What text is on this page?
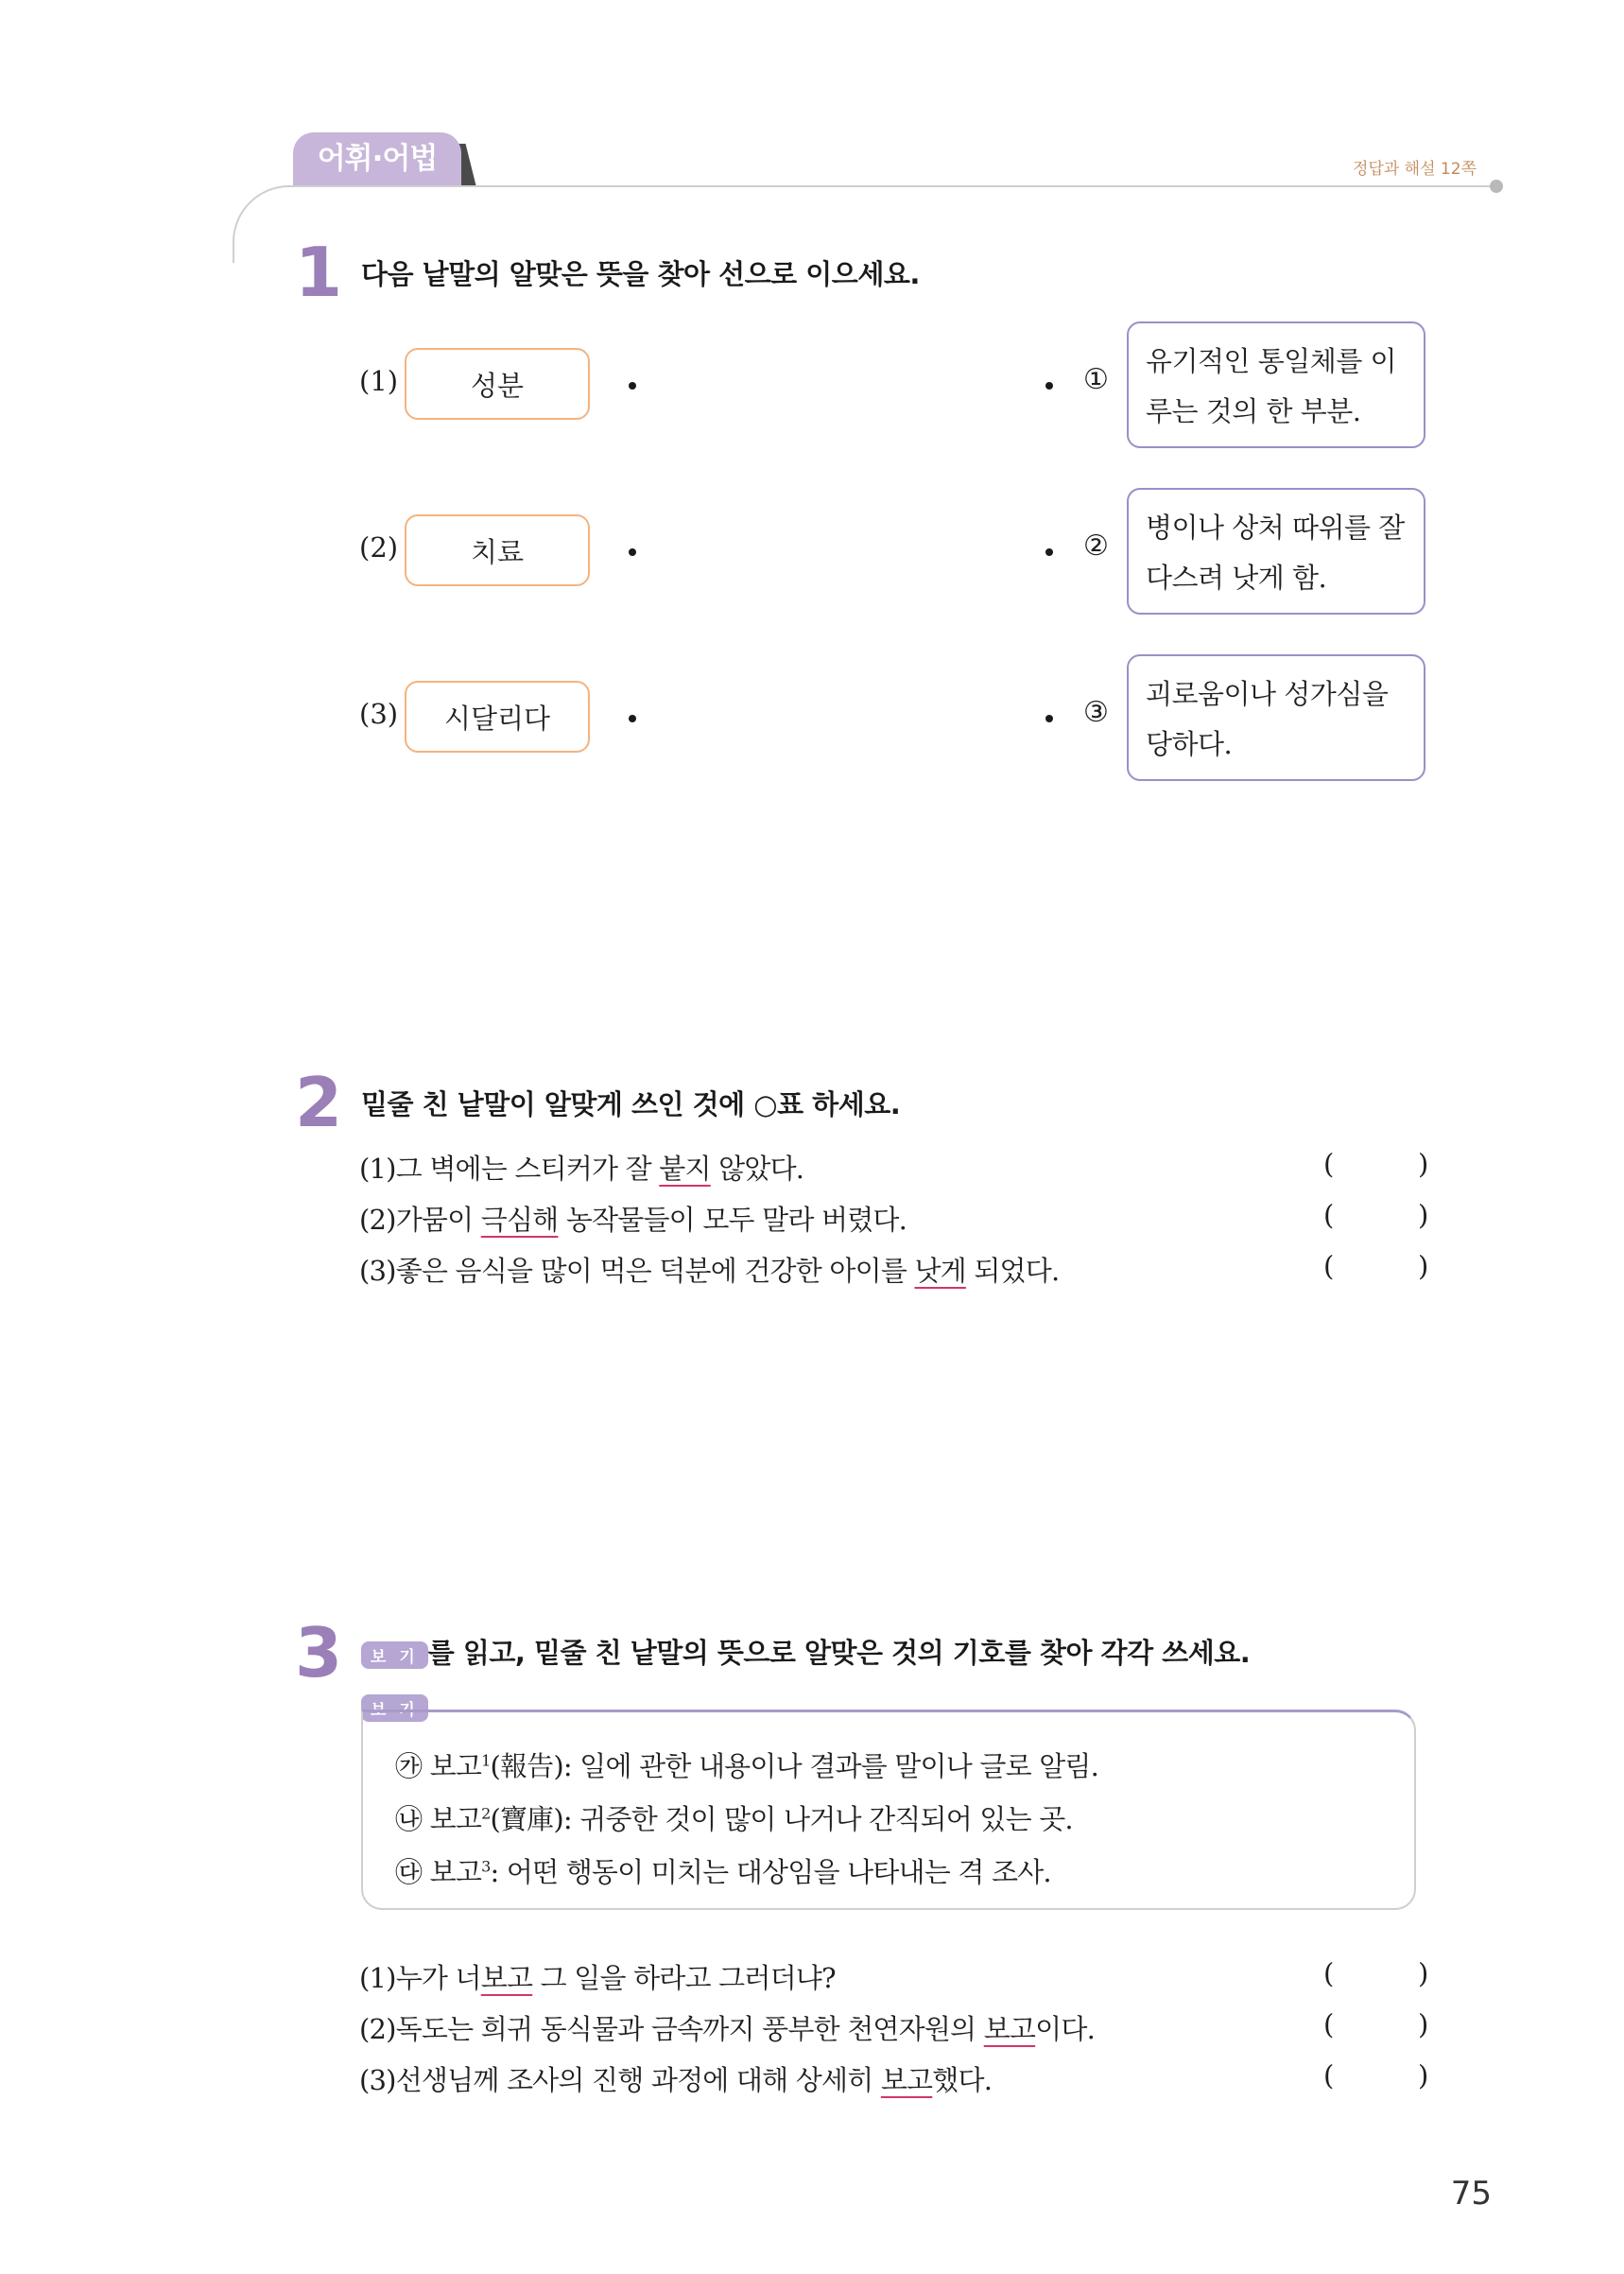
어휘·어법	정답과 해설 12쪽
1 다음 낱말의 알맞은 뜻을 찾아 선으로 이으세요.
(1)	성분	①
유기적인 통일체를 이
루는 것의 한 부분.
(2)	치료	②
병이나 상처 따위를 잘
다스려 낫게 함.
(3)	시달리다	③
괴로움이나 성가심을
당하다.
2 밑줄 친 낱말이 알맞게 쓰인 것에 ○표 하세요.
(1)그 벽에는 스티커가 잘 붙지 않았다.	(	)
(2)가뭄이 극심해 농작물들이 모두 말라 버렸다.	(	)
(3)좋은 음식을 많이 먹은 덕분에 건강한 아이를 낫게 되었다.	(	)
3	보 기 를 읽고, 밑줄 친 낱말의 뜻으로 알맞은 것의 기호를 찾아 각각 쓰세요.
보 기
㉮ 보고$^1$(報告): 일에 관한 내용이나 결과를 말이나 글로 알림.
㉯ 보고$^2$(寶庫): 귀중한 것이 많이 나거나 간직되어 있는 곳.
㉰ 보고$^3$: 어떤 행동이 미치는 대상임을 나타내는 격 조사.
(1)누가 너보고 그 일을 하라고 그러더냐?	(	)
(2)독도는 희귀 동식물과 금속까지 풍부한 천연자원의 보고이다.	(	)
(3)선생님께 조사의 진행 과정에 대해 상세히 보고했다.	(	)
75
